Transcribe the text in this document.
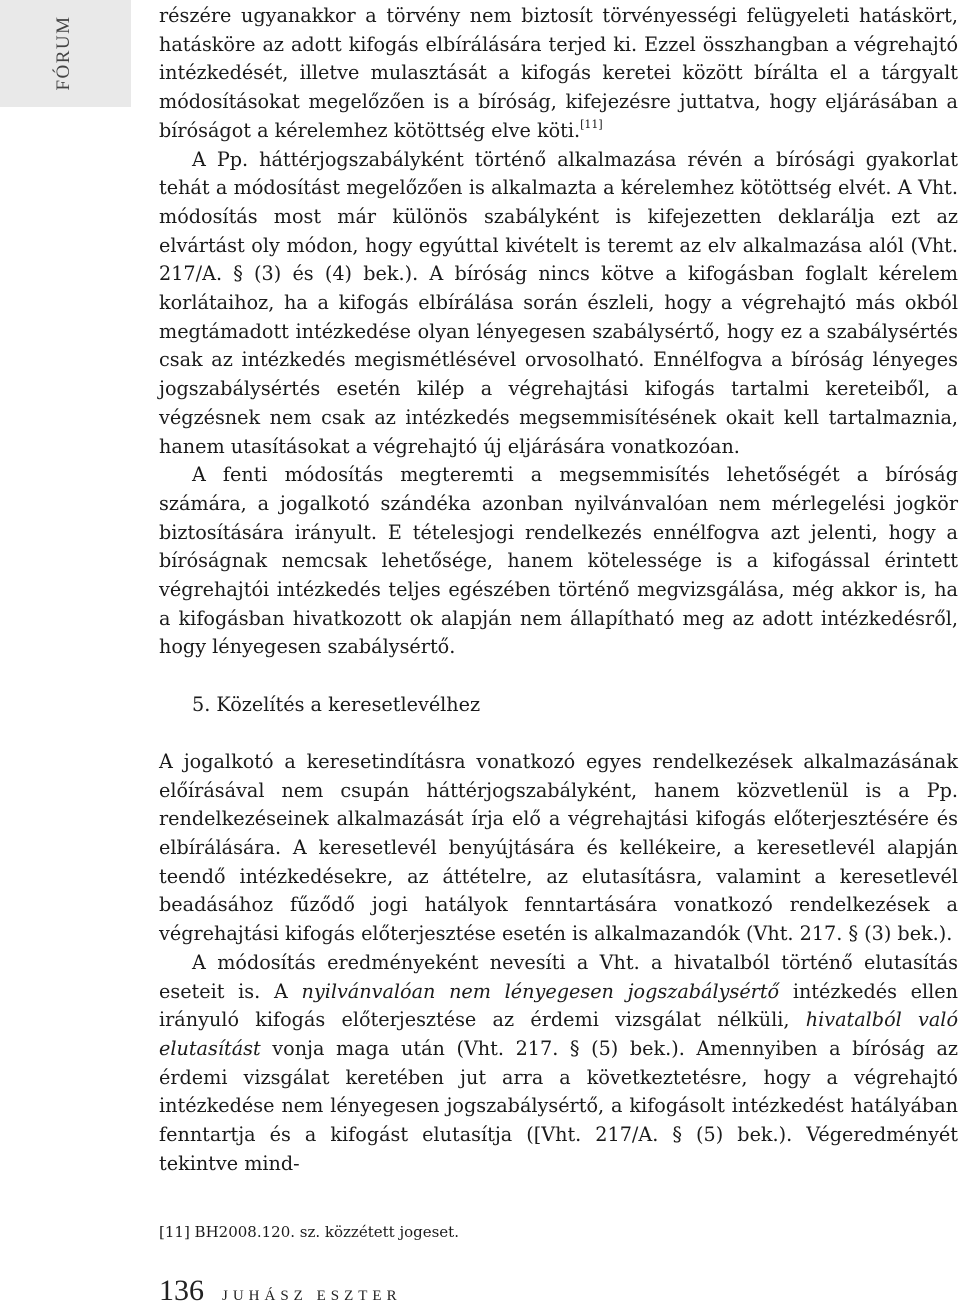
FÓRUM	részére ugyanakkor a törvény nem biztosít törvényességi felügyeleti hatáskört, hatásköre az adott kifogás elbírálására terjed ki. Ezzel összhangban a végrehajtó intézkedését, illetve mulasztását a kifogás keretei között bírálta el a tárgyalt módosításokat megelőzően is a bíróság, kifejezésre juttatva, hogy eljárásában a bíróságot a kérelemhez kötöttség elve köti.[11]

A Pp. háttérjogszabályként történő alkalmazása révén a bírósági gyakorlat tehát a módosítást megelőzően is alkalmazta a kérelemhez kötöttség elvét. A Vht. módosítás most már különös szabályként is kifejezetten deklarálja ezt az elvártást oly módon, hogy egyúttal kivételt is teremt az elv alkalmazása alól (Vht. 217/A. § (3) és (4) bek.). A bíróság nincs kötve a kifogásban foglalt kérelem korlátaihoz, ha a kifogás elbírálása során észleli, hogy a végrehajtó más okból megtámadott intézkedése olyan lényegesen szabálysértő, hogy ez a szabálysértés csak az intézkedés megismétlésével orvosolható. Ennélfogva a bíróság lényeges jogszabálysértés esetén kilép a végrehajtási kifogás tartalmi kereteiből, a végzésnek nem csak az intézkedés megsemmisítésének okait kell tartalmaznia, hanem utasításokat a végrehajtó új eljárására vonatkozóan.

A fenti módosítás megteremti a megsemmisítés lehetőségét a bíróság számára, a jogalkotó szándéka azonban nyilvánvalóan nem mérlegelési jogkör biztosítására irányult. E tételesjogi rendelkezés ennélfogva azt jelenti, hogy a bíróságnak nemcsak lehetősége, hanem kötelessége is a kifogással érintett végrehajtói intézkedés teljes egészében történő megvizsgálása, még akkor is, ha a kifogásban hivatkozott ok alapján nem állapítható meg az adott intézkedésről, hogy lényegesen szabálysértő.

5. Közelítés a keresetlevélhez

A jogalkotó a keresetindításra vonatkozó egyes rendelkezések alkalmazásának előírásával nem csupán háttérjogszabályként, hanem közvetlenül is a Pp. rendelkezéseinek alkalmazását írja elő a végrehajtási kifogás előterjesztésére és elbírálására. A keresetlevél benyújtására és kellékeire, a keresetlevél alapján teendő intézkedésekre, az áttételre, az elutasításra, valamint a keresetlevél beadásához fűződő jogi hatályok fenntartására vonatkozó rendelkezések a végrehajtási kifogás előterjesztése esetén is alkalmazandók (Vht. 217. § (3) bek.).

A módosítás eredményeként nevesíti a Vht. a hivatalból történő elutasítás eseteit is. A nyilvánvalóan nem lényegesen jogszabálysértő intézkedés ellen irányuló kifogás előterjesztése az érdemi vizsgálat nélküli, hivatalból való elutasítást vonja maga után (Vht. 217. § (5) bek.). Amennyiben a bíróság az érdemi vizsgálat keretében jut arra a következtetésre, hogy a végrehajtó intézkedése nem lényegesen jogszabálysértő, a kifogásolt intézkedést hatályában fenntartja és a kifogást elutasítja ([Vht. 217/A. § (5) bek.). Végeredményét tekintve mind-

[11] BH2008.120. sz. közzétett jogeset.
136 JUHÁSZ ESZTER
